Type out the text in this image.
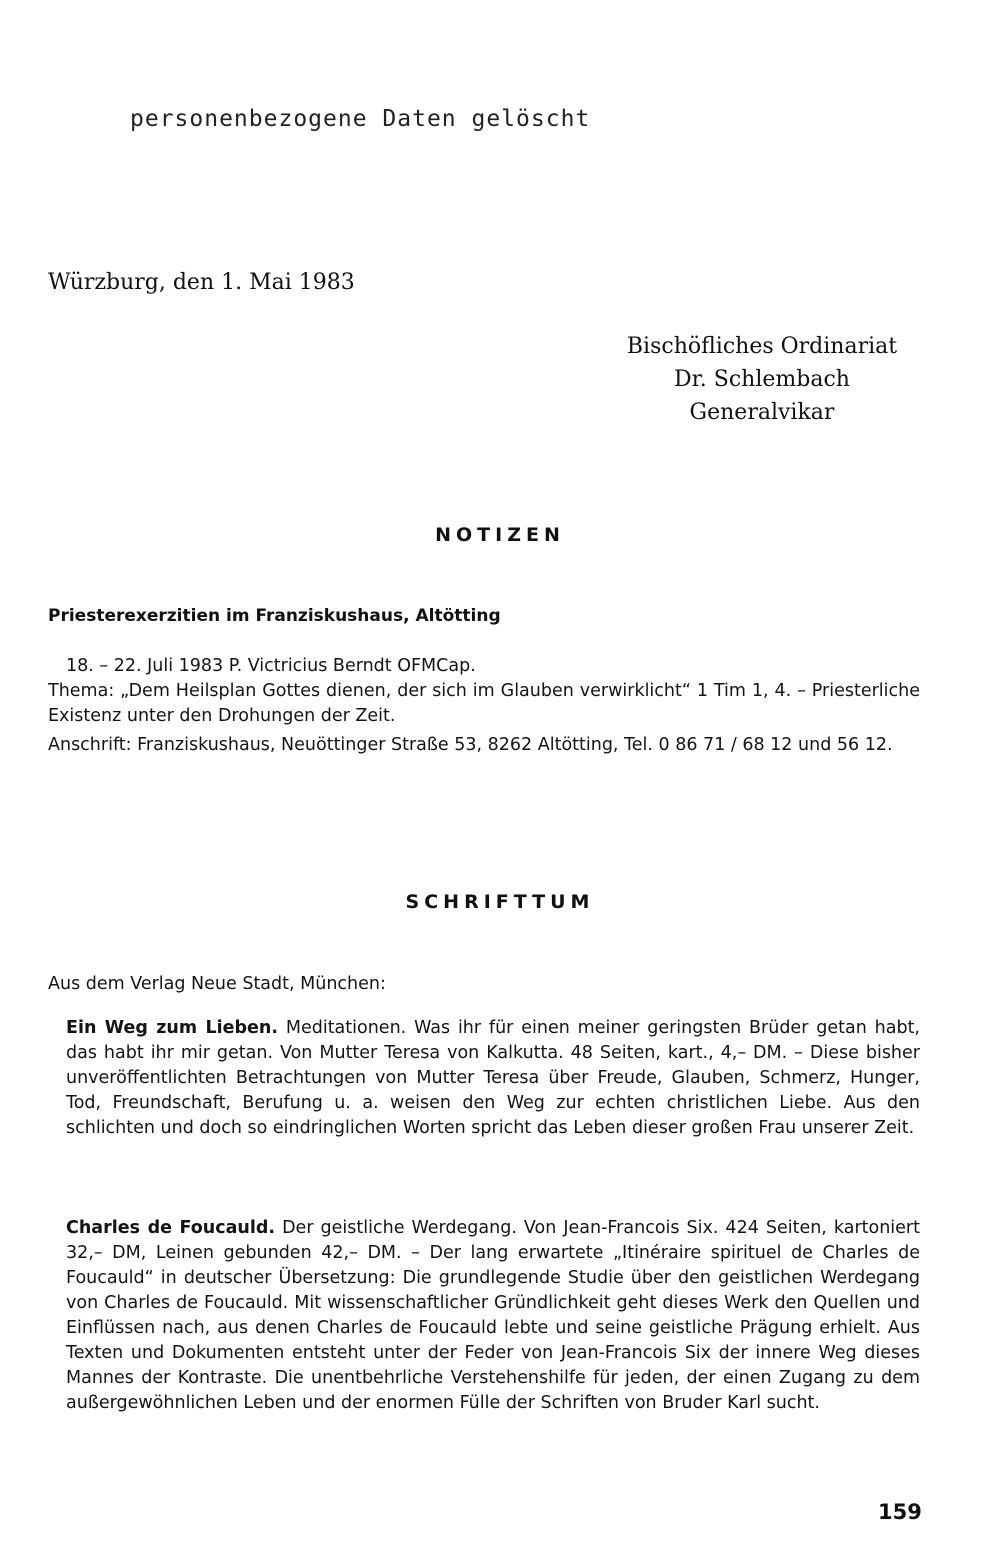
personenbezogene Daten gelöscht
Würzburg, den 1. Mai 1983
Bischöfliches Ordinariat
Dr. Schlembach
Generalvikar
NOTIZEN
Priesterexerzitien im Franziskushaus, Altötting

18. – 22. Juli 1983 P. Victricius Berndt OFMCap.

Thema: „Dem Heilsplan Gottes dienen, der sich im Glauben verwirklicht“ 1 Tim 1, 4. – Priesterliche Existenz unter den Drohungen der Zeit.

Anschrift: Franziskushaus, Neuöttinger Straße 53, 8262 Altötting, Tel. 0 86 71 / 68 12 und 56 12.

SCHRIFTTUM

Aus dem Verlag Neue Stadt, München:

Ein Weg zum Lieben. Meditationen. Was ihr für einen meiner geringsten Brüder getan habt, das habt ihr mir getan. Von Mutter Teresa von Kalkutta. 48 Seiten, kart., 4,– DM. – Diese bisher unveröffentlichten Betrachtungen von Mutter Teresa über Freude, Glauben, Schmerz, Hunger, Tod, Freundschaft, Berufung u. a. weisen den Weg zur echten christlichen Liebe. Aus den schlichten und doch so eindringlichen Worten spricht das Leben dieser großen Frau unserer Zeit.

Charles de Foucauld. Der geistliche Werdegang. Von Jean-Francois Six. 424 Seiten, kartoniert 32,– DM, Leinen gebunden 42,– DM. – Der lang erwartete „Itinéraire spirituel de Charles de Foucauld“ in deutscher Übersetzung: Die grundlegende Studie über den geistlichen Werdegang von Charles de Foucauld. Mit wissenschaftlicher Gründlichkeit geht dieses Werk den Quellen und Einflüssen nach, aus denen Charles de Foucauld lebte und seine geistliche Prägung erhielt. Aus Texten und Dokumenten entsteht unter der Feder von Jean-Francois Six der innere Weg dieses Mannes der Kontraste. Die unentbehrliche Verstehenshilfe für jeden, der einen Zugang zu dem außergewöhnlichen Leben und der enormen Fülle der Schriften von Bruder Karl sucht.

159
